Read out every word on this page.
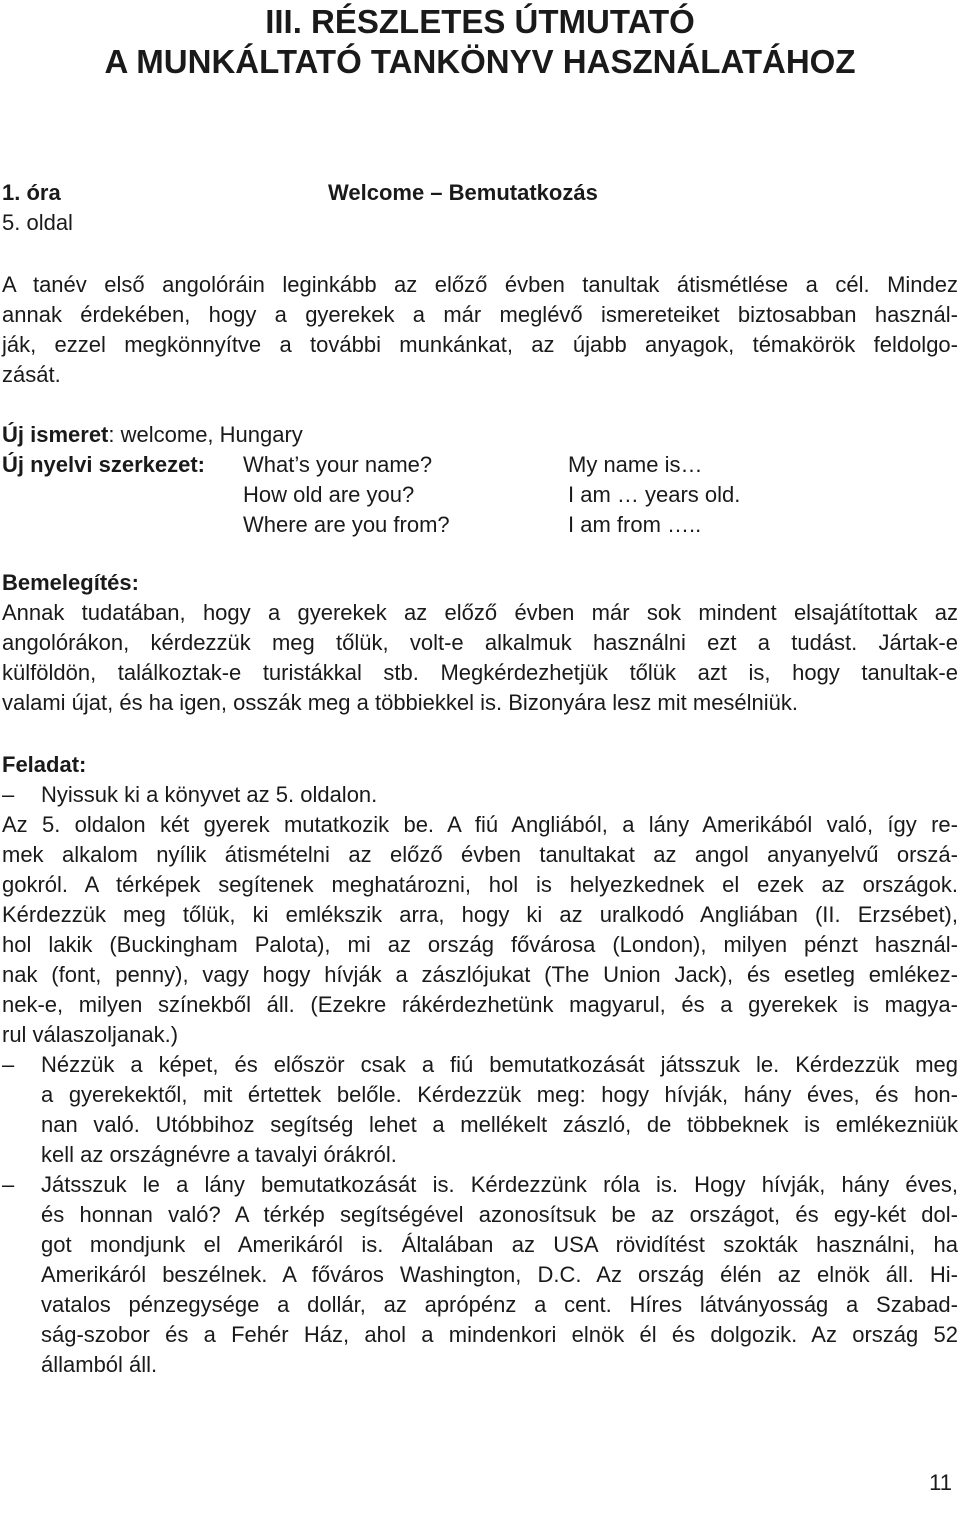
III. RÉSZLETES ÚTMUTATÓ
A MUNKÁLTATÓ TANKÖNYV HASZNÁLATÁHOZ
1. óra	Welcome – Bemutatkozás
5. oldal
A tanév első angolóráin leginkább az előző évben tanultak átismétlése a cél. Mindez
annak érdekében, hogy a gyerekek a már meglévő ismereteiket biztosabban használ-
ják, ezzel megkönnyítve a további munkánkat, az újabb anyagok, témakörök feldolgo-
zását.
Új ismeret: welcome, Hungary
Új nyelvi szerkezet: What’s your name?
How old are you?
Where are you from?
My name is…
I am … years old.
I am from …..
Bemelegítés:
Annak tudatában, hogy a gyerekek az előző évben már sok mindent elsajátítottak az
angolórákon, kérdezzük meg tőlük, volt-e alkalmuk használni ezt a tudást. Jártak-e
külföldön, találkoztak-e turistákkal stb. Megkérdezhetjük tőlük azt is, hogy tanultak-e
valami újat, és ha igen, osszák meg a többiekkel is. Bizonyára lesz mit mesélniük.
Feladat:
– Nyissuk ki a könyvet az 5. oldalon.
Az 5. oldalon két gyerek mutatkozik be. A fiú Angliából, a lány Amerikából való, így re-
mek alkalom nyílik átismételni az előző évben tanultakat az angol anyanyelvű orszá-
gokról. A térképek segítenek meghatározni, hol is helyezkednek el ezek az országok.
Kérdezzük meg tőlük, ki emlékszik arra, hogy ki az uralkodó Angliában (II. Erzsébet),
hol lakik (Buckingham Palota), mi az ország fővárosa (London), milyen pénzt használ-
nak (font, penny), vagy hogy hívják a zászlójukat (The Union Jack), és esetleg emlékez-
nek-e, milyen színekből áll. (Ezekre rákérdezhetünk magyarul, és a gyerekek is magya-
rul válaszoljanak.)
– Nézzük a képet, és először csak a fiú bemutatkozását játsszuk le. Kérdezzük meg
a gyerekektől, mit értettek belőle. Kérdezzük meg: hogy hívják, hány éves, és hon-
nan való. Utóbbihoz segítség lehet a mellékelt zászló, de többeknek is emlékezniük
kell az országnévre a tavalyi órákról.
– Játsszuk le a lány bemutatkozását is. Kérdezzünk róla is. Hogy hívják, hány éves,
és honnan való? A térkép segítségével azonosítsuk be az országot, és egy-két dol-
got mondjunk el Amerikáról is. Általában az USA rövidítést szokták használni, ha
Amerikáról beszélnek. A főváros Washington, D.C. Az ország élén az elnök áll. Hi-
vatalos pénzegysége a dollár, az aprópénz a cent. Híres látványosság a Szabad-
ság-szobor és a Fehér Ház, ahol a mindenkori elnök él és dolgozik. Az ország 52
államból áll.
11
